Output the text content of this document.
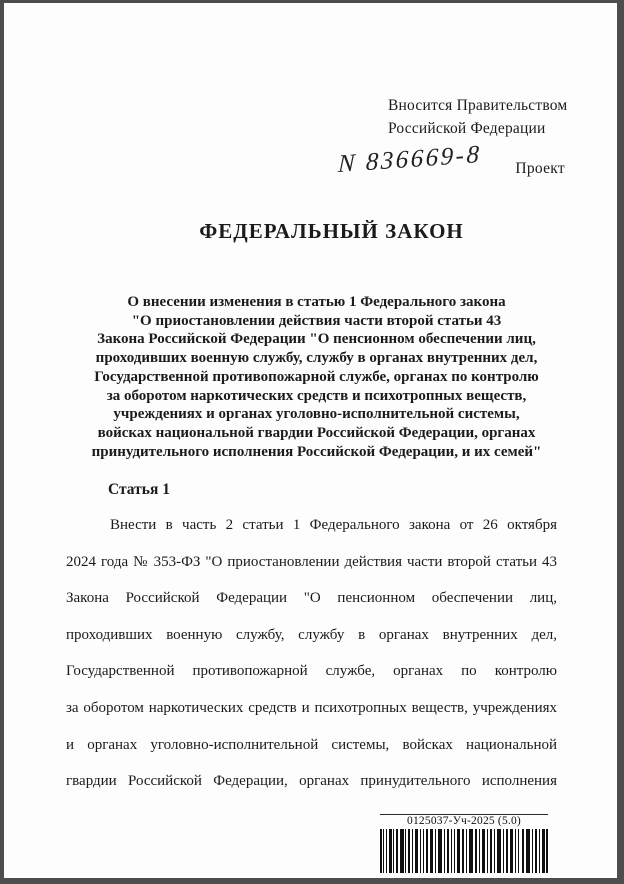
Вносится Правительством
Российской Федерации
N 836669-8	Проект
ФЕДЕРАЛЬНЫЙ ЗАКОН
О внесении изменения в статью 1 Федерального закона
"О приостановлении действия части второй статьи 43
Закона Российской Федерации "О пенсионном обеспечении лиц,
проходивших военную службу, службу в органах внутренних дел,
Государственной противопожарной службе, органах по контролю
за оборотом наркотических средств и психотропных веществ,
учреждениях и органах уголовно-исполнительной системы,
войсках национальной гвардии Российской Федерации, органах
принудительного исполнения Российской Федерации, и их семей"
Статья 1
Внести в часть 2 статьи 1 Федерального закона от 26 октября
2024 года № 353-ФЗ "О приостановлении действия части второй статьи 43
Закона Российской Федерации "О пенсионном обеспечении лиц,
проходивших военную службу, службу в органах внутренних дел,
Государственной противопожарной службе, органах по контролю
за оборотом наркотических средств и психотропных веществ, учреждениях
и органах уголовно-исполнительной системы, войсках национальной
гвардии Российской Федерации, органах принудительного исполнения
0125037-Уч-2025 (5.0)
